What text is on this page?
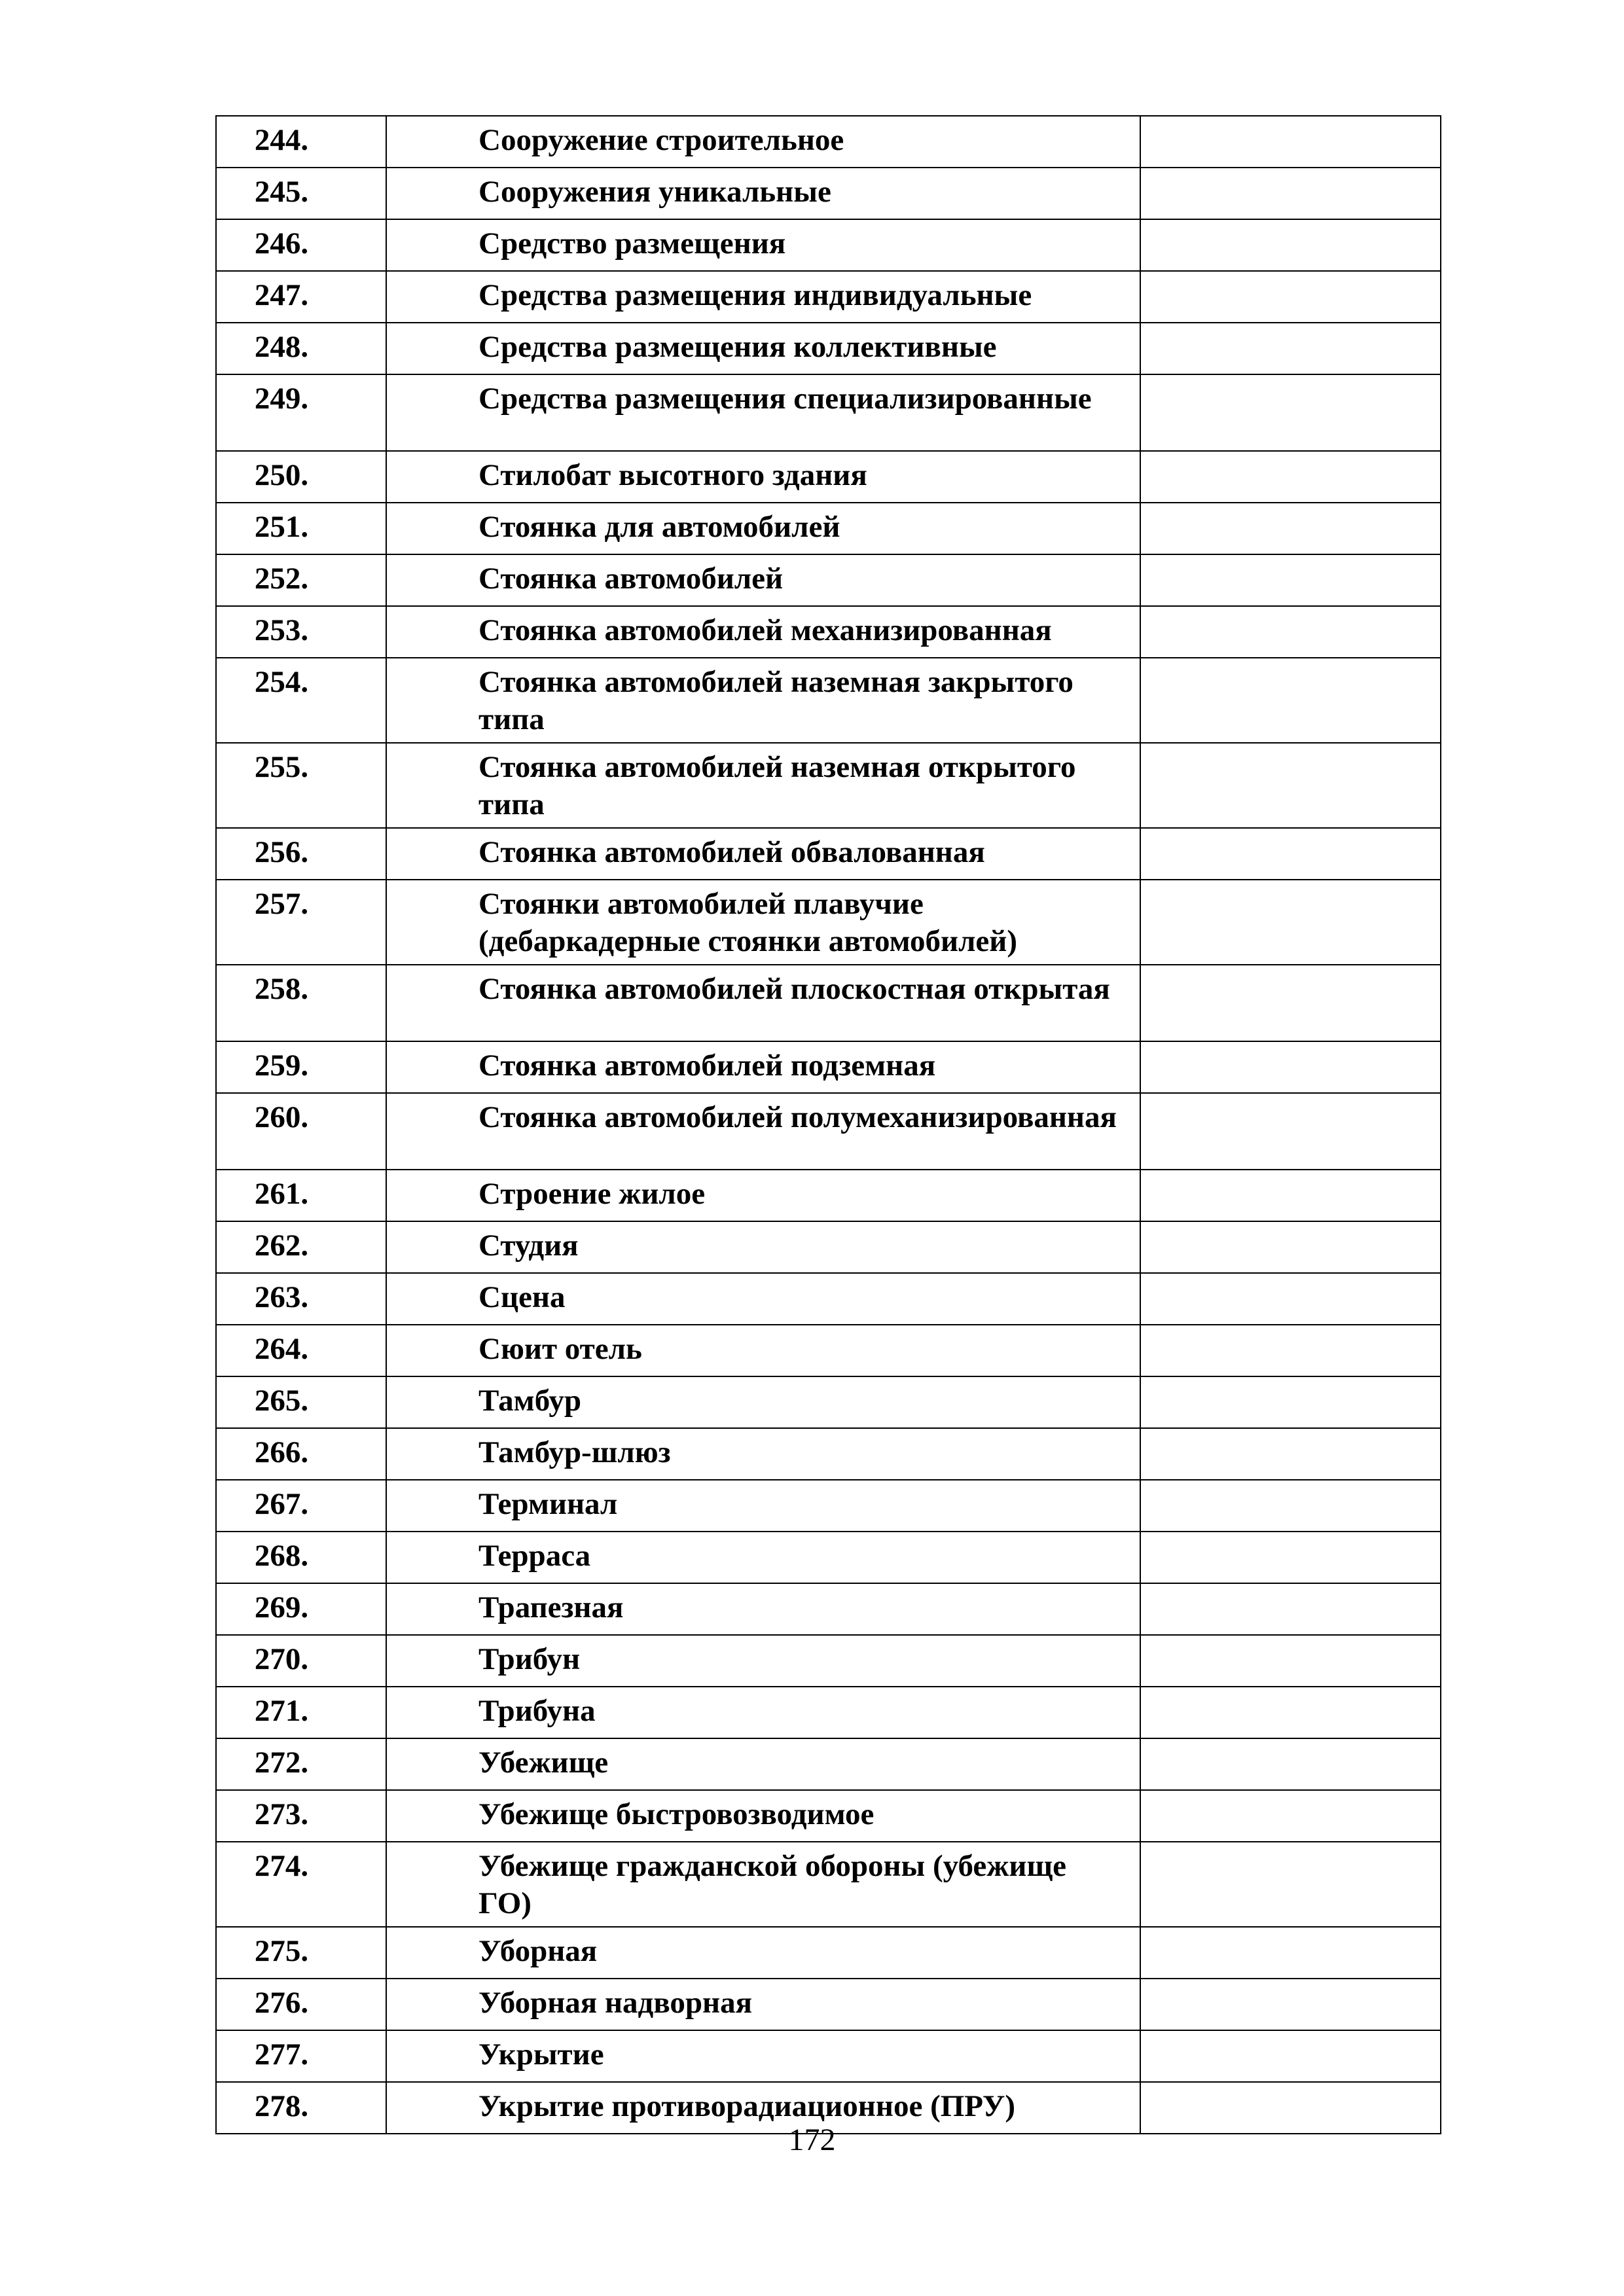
244.	Сооружение строительное	
245.	Сооружения уникальные	
246.	Средство размещения	
247.	Средства размещения индивидуальные	
248.	Средства размещения коллективные	
249.	Средства размещения специализированные	
250.	Стилобат высотного здания	
251.	Стоянка для автомобилей	
252.	Стоянка автомобилей	
253.	Стоянка автомобилей механизированная	
254.	Стоянка автомобилей наземная закрытого типа	
255.	Стоянка автомобилей наземная открытого типа	
256.	Стоянка автомобилей обвалованная	
257.	Стоянки автомобилей плавучие (дебаркадерные стоянки автомобилей)	
258.	Стоянка автомобилей плоскостная открытая	
259.	Стоянка автомобилей подземная	
260.	Стоянка автомобилей полумеханизированная	
261.	Строение жилое	
262.	Студия	
263.	Сцена	
264.	Сюит отель	
265.	Тамбур	
266.	Тамбур-шлюз	
267.	Терминал	
268.	Терраса	
269.	Трапезная	
270.	Трибун	
271.	Трибуна	
272.	Убежище	
273.	Убежище быстровозводимое	
274.	Убежище гражданской обороны (убежище ГО)	
275.	Уборная	
276.	Уборная надворная	
277.	Укрытие	
278.	Укрытие противорадиационное (ПРУ)	
172
